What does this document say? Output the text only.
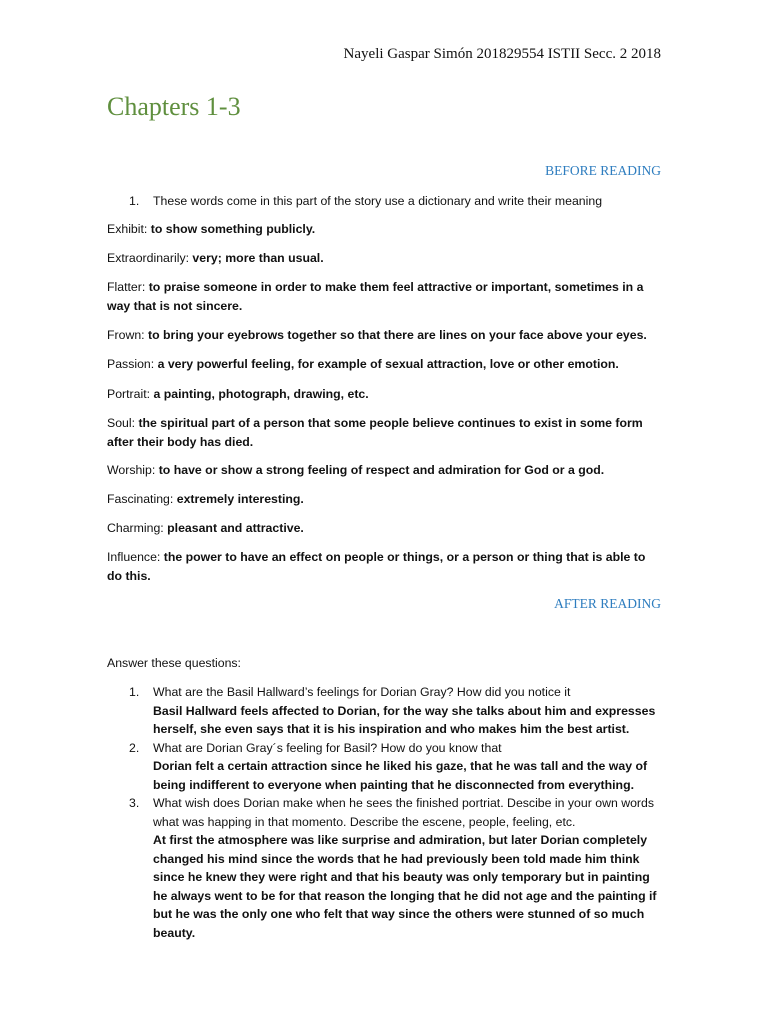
Nayeli Gaspar Simón 201829554 ISTII Secc. 2 2018
Chapters 1-3
BEFORE READING
1. These words come in this part of the story use a dictionary and write their meaning
Exhibit: to show something publicly.
Extraordinarily: very; more than usual.
Flatter: to praise someone in order to make them feel attractive or important, sometimes in a way that is not sincere.
Frown: to bring your eyebrows together so that there are lines on your face above your eyes.
Passion: a very powerful feeling, for example of sexual attraction, love or other emotion.
Portrait: a painting, photograph, drawing, etc.
Soul: the spiritual part of a person that some people believe continues to exist in some form after their body has died.
Worship: to have or show a strong feeling of respect and admiration for God or a god.
Fascinating: extremely interesting.
Charming: pleasant and attractive.
Influence: the power to have an effect on people or things, or a person or thing that is able to do this.
AFTER READING
Answer these questions:
1. What are the Basil Hallward’s feelings for Dorian Gray? How did you notice it
Basil Hallward feels affected to Dorian, for the way she talks about him and expresses herself, she even says that it is his inspiration and who makes him the best artist.
2. What are Dorian Gray´s feeling for Basil? How do you know that
Dorian felt a certain attraction since he liked his gaze, that he was tall and the way of being indifferent to everyone when painting that he disconnected from everything.
3. What wish does Dorian make when he sees the finished portriat. Descibe in your own words what was happing in that momento. Describe the escene, people, feeling, etc.
At first the atmosphere was like surprise and admiration, but later Dorian completely changed his mind since the words that he had previously been told made him think since he knew they were right and that his beauty was only temporary but in painting he always went to be for that reason the longing that he did not age and the painting if but he was the only one who felt that way since the others were stunned of so much beauty.
